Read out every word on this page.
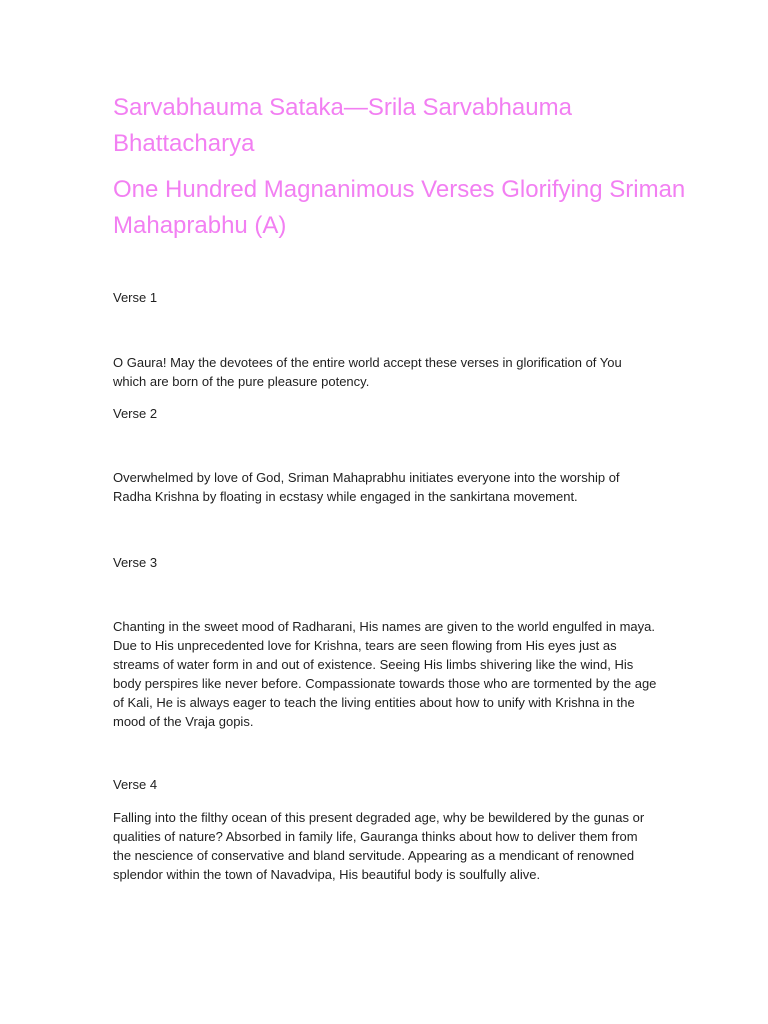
Sarvabhauma Sataka—Srila Sarvabhauma Bhattacharya
One Hundred Magnanimous Verses Glorifying Sriman Mahaprabhu (A)

Verse 1

O Gaura! May the devotees of the entire world accept these verses in glorification of You which are born of the pure pleasure potency.

Verse 2

Overwhelmed by love of God, Sriman Mahaprabhu initiates everyone into the worship of Radha Krishna by floating in ecstasy while engaged in the sankirtana movement.

Verse 3

Chanting in the sweet mood of Radharani, His names are given to the world engulfed in maya. Due to His unprecedented love for Krishna, tears are seen flowing from His eyes just as streams of water form in and out of existence. Seeing His limbs shivering like the wind, His body perspires like never before. Compassionate towards those who are tormented by the age of Kali, He is always eager to teach the living entities about how to unify with Krishna in the mood of the Vraja gopis.

Verse 4

Falling into the filthy ocean of this present degraded age, why be bewildered by the gunas or qualities of nature? Absorbed in family life, Gauranga thinks about how to deliver them from the nescience of conservative and bland servitude. Appearing as a mendicant of renowned splendor within the town of Navadvipa, His beautiful body is soulfully alive.
